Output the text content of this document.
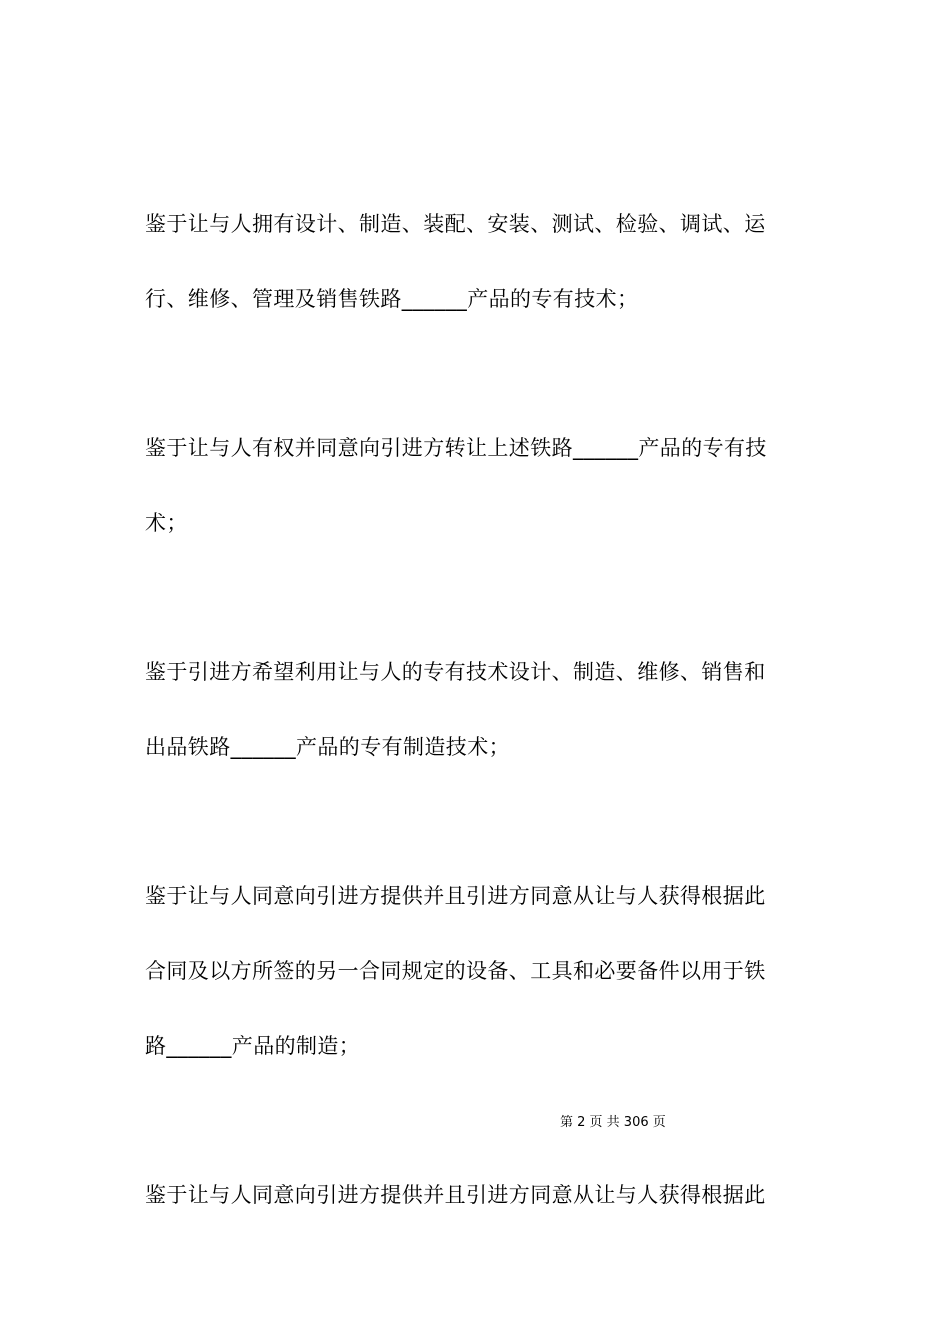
鉴于让与人拥有设计、制造、装配、安装、测试、检验、调试、运
行、维修、管理及销售铁路______产品的专有技术；
鉴于让与人有权并同意向引进方转让上述铁路______产品的专有技
术；
鉴于引进方希望利用让与人的专有技术设计、制造、维修、销售和
出品铁路______产品的专有制造技术；
鉴于让与人同意向引进方提供并且引进方同意从让与人获得根据此
合同及以方所签的另一合同规定的设备、工具和必要备件以用于铁
路______产品的制造；
第 2 页 共 306 页
鉴于让与人同意向引进方提供并且引进方同意从让与人获得根据此
